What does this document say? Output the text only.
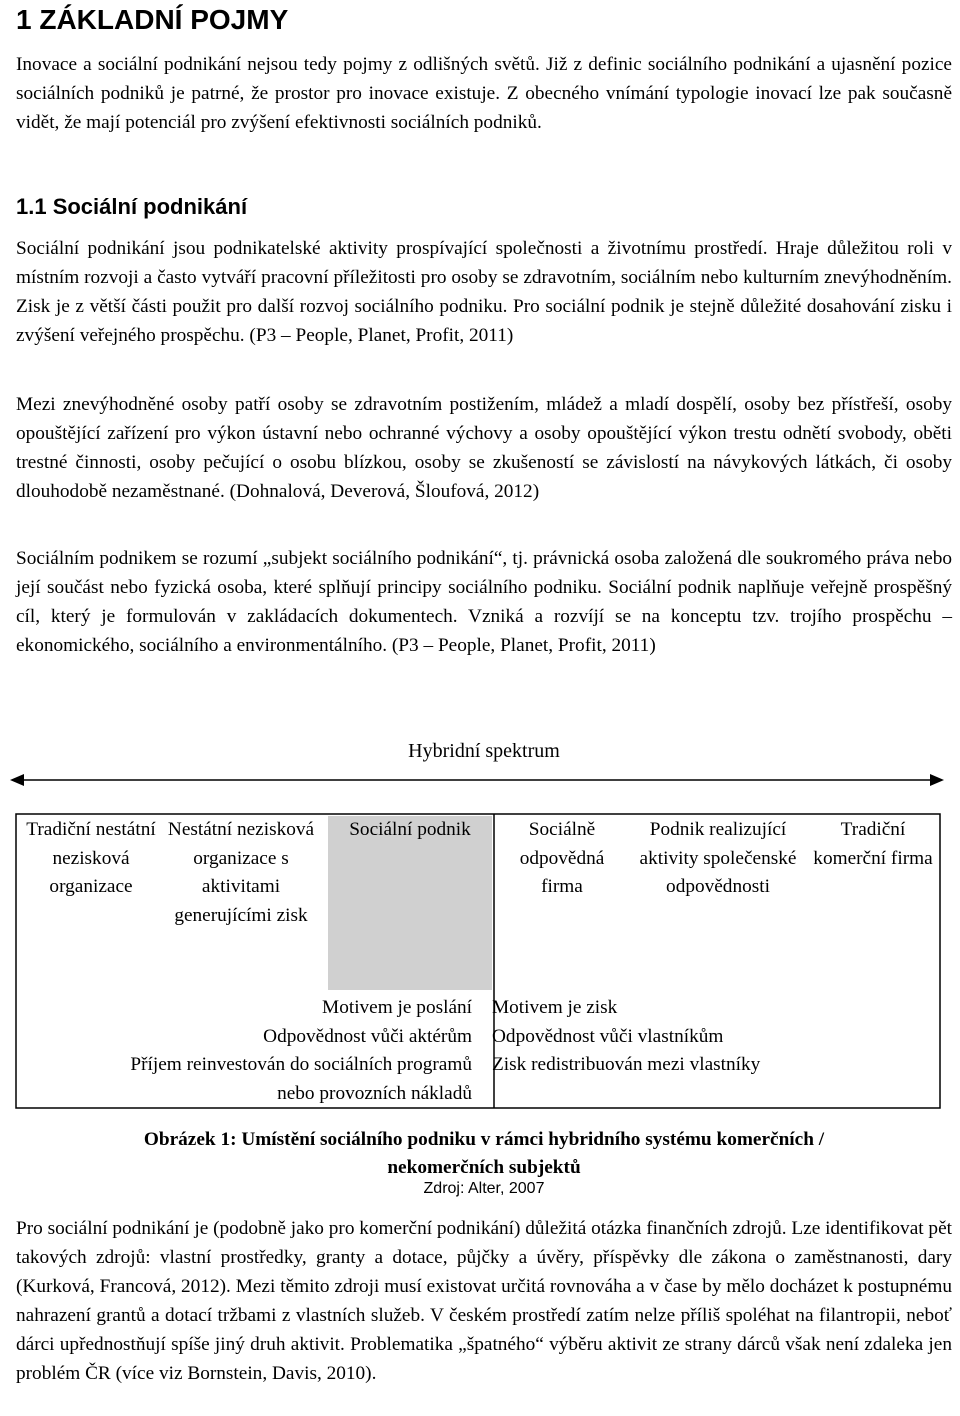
1 ZÁKLADNÍ POJMY

Inovace a sociální podnikání nejsou tedy pojmy z odlišných světů. Již z definic sociálního podnikání a ujasnění pozice sociálních podniků je patrné, že prostor pro inovace existuje. Z obecného vnímání typologie inovací lze pak současně vidět, že mají potenciál pro zvýšení efektivnosti sociálních podniků.

1.1 Sociální podnikání

Sociální podnikání jsou podnikatelské aktivity prospívající společnosti a životnímu prostředí. Hraje důležitou roli v místním rozvoji a často vytváří pracovní příležitosti pro osoby se zdravotním, sociálním nebo kulturním znevýhodněním. Zisk je z větší části použit pro další rozvoj sociálního podniku. Pro sociální podnik je stejně důležité dosahování zisku i zvýšení veřejného prospěchu. (P3 – People, Planet, Profit, 2011)

Mezi znevýhodněné osoby patří osoby se zdravotním postižením, mládež a mladí dospělí, osoby bez přístřeší, osoby opouštějící zařízení pro výkon ústavní nebo ochranné výchovy a osoby opouštějící výkon trestu odnětí svobody, oběti trestné činnosti, osoby pečující o osobu blízkou, osoby se zkušeností se závislostí na návykových látkách, či osoby dlouhodobě nezaměstnané. (Dohnalová, Deverová, Šloufová, 2012)

Sociálním podnikem se rozumí „subjekt sociálního podnikání“, tj. právnická osoba založená dle soukromého práva nebo její součást nebo fyzická osoba, které splňují principy sociálního podniku. Sociální podnik naplňuje veřejně prospěšný cíl, který je formulován v zakládacích dokumentech. Vzniká a rozvíjí se na konceptu tzv. trojího prospěchu – ekonomického, sociálního a environmentálního. (P3 – People, Planet, Profit, 2011)

Hybridní spektrum
Tradiční nestátní nezisková organizace
Nestátní nezisková organizace s aktivitami generujícími zisk
Sociální podnik	Sociálně odpovědná firma
Podnik realizující aktivity společenské odpovědnosti
Tradiční komerční firma
Motivem je poslání
Odpovědnost vůči aktérům
Příjem reinvestován do sociálních programů
nebo provozních nákladů
Motivem je zisk
Odpovědnost vůči vlastníkům
Zisk redistribuován mezi vlastníky
Obrázek 1: Umístění sociálního podniku v rámci hybridního systému komerčních /
nekomerčních subjektů
Zdroj: Alter, 2007

Pro sociální podnikání je (podobně jako pro komerční podnikání) důležitá otázka finančních zdrojů. Lze identifikovat pět takových zdrojů: vlastní prostředky, granty a dotace, půjčky a úvěry, příspěvky dle zákona o zaměstnanosti, dary (Kurková, Francová, 2012). Mezi těmito zdroji musí existovat určitá rovnováha a v čase by mělo docházet k postupnému nahrazení grantů a dotací tržbami z vlastních služeb. V českém prostředí zatím nelze příliš spoléhat na filantropii, neboť dárci upřednostňují spíše jiný druh aktivit. Problematika „špatného“ výběru aktivit ze strany dárců však není zdaleka jen problém ČR (více viz Bornstein, Davis, 2010).
